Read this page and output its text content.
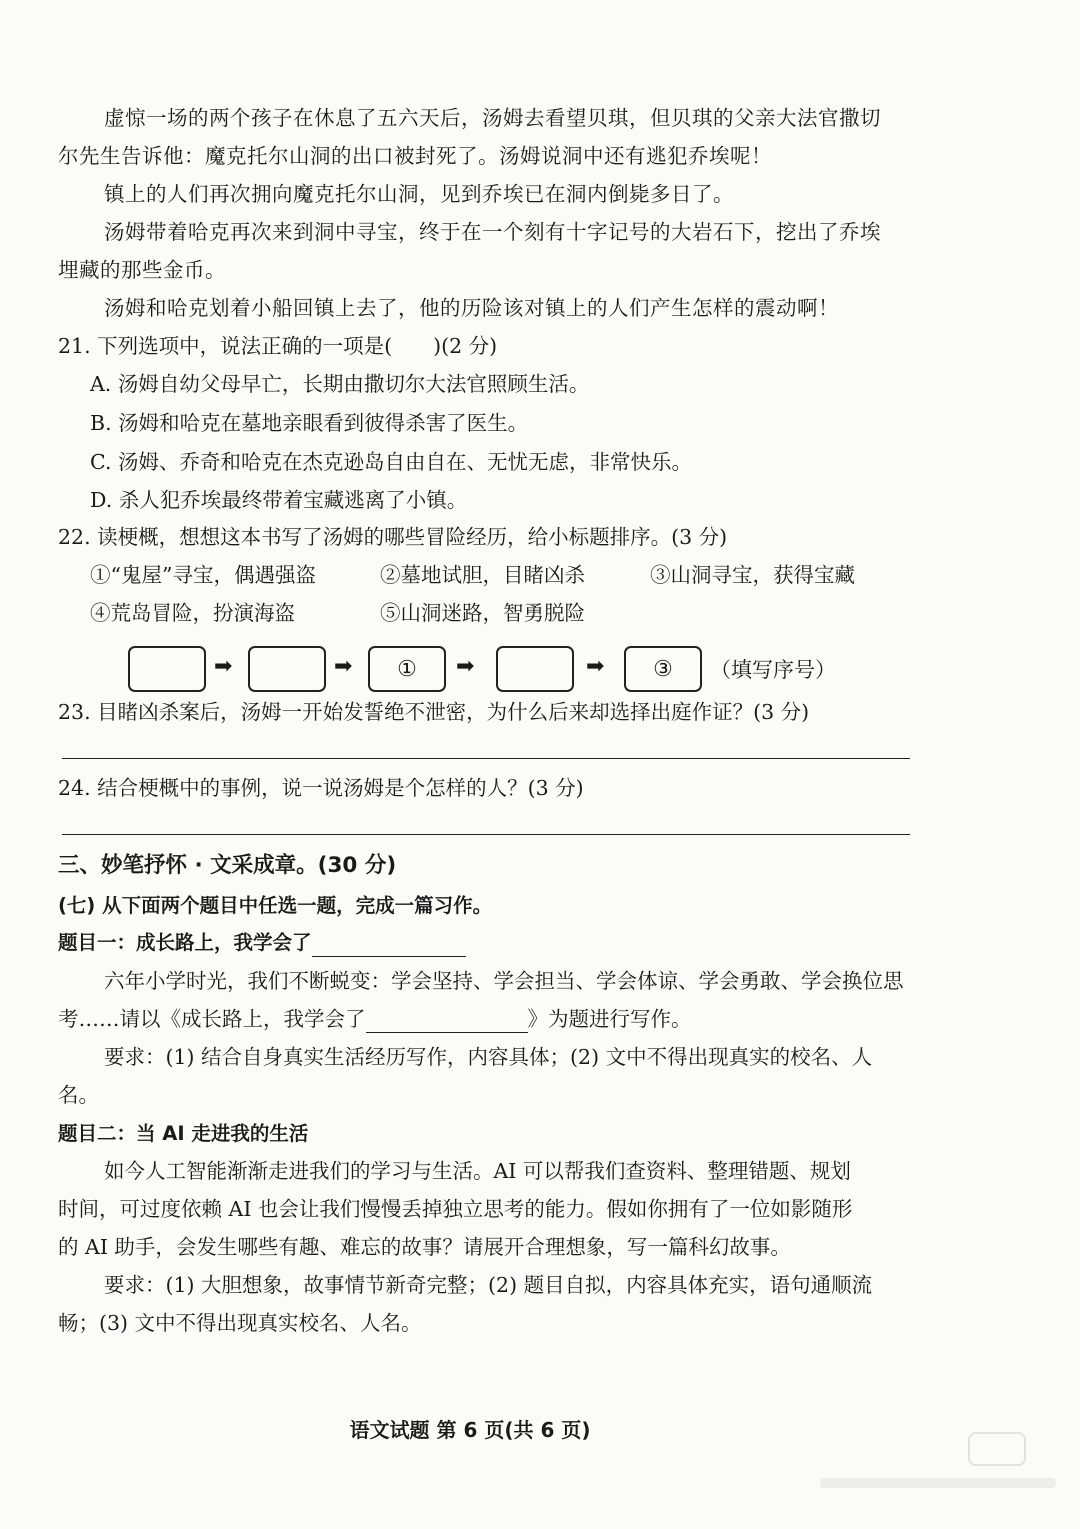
虚惊一场的两个孩子在休息了五六天后，汤姆去看望贝琪，但贝琪的父亲大法官撒切
尔先生告诉他：魔克托尔山洞的出口被封死了。汤姆说洞中还有逃犯乔埃呢！
镇上的人们再次拥向魔克托尔山洞，见到乔埃已在洞内倒毙多日了。
汤姆带着哈克再次来到洞中寻宝，终于在一个刻有十字记号的大岩石下，挖出了乔埃
埋藏的那些金币。
汤姆和哈克划着小船回镇上去了，他的历险该对镇上的人们产生怎样的震动啊！
21. 下列选项中，说法正确的一项是(　　)(2 分)
A. 汤姆自幼父母早亡，长期由撒切尔大法官照顾生活。
B. 汤姆和哈克在墓地亲眼看到彼得杀害了医生。
C. 汤姆、乔奇和哈克在杰克逊岛自由自在、无忧无虑，非常快乐。
D. 杀人犯乔埃最终带着宝藏逃离了小镇。
22. 读梗概，想想这本书写了汤姆的哪些冒险经历，给小标题排序。(3 分)
①“鬼屋”寻宝，偶遇强盗	②墓地试胆，目睹凶杀	③山洞寻宝，获得宝藏
④荒岛冒险，扮演海盗	⑤山洞迷路，智勇脱险
➡	➡	①	➡	➡	③	（填写序号）
23. 目睹凶杀案后，汤姆一开始发誓绝不泄密，为什么后来却选择出庭作证？(3 分)
24. 结合梗概中的事例，说一说汤姆是个怎样的人？(3 分)
三、妙笔抒怀 · 文采成章。(30 分)
(七) 从下面两个题目中任选一题，完成一篇习作。
题目一：成长路上，我学会了
六年小学时光，我们不断蜕变：学会坚持、学会担当、学会体谅、学会勇敢、学会换位思
考……请以《成长路上，我学会了	》为题进行写作。
要求：(1) 结合自身真实生活经历写作，内容具体；(2) 文中不得出现真实的校名、人
名。
题目二：当 AI 走进我的生活
如今人工智能渐渐走进我们的学习与生活。AI 可以帮我们查资料、整理错题、规划
时间，可过度依赖 AI 也会让我们慢慢丢掉独立思考的能力。假如你拥有了一位如影随形
的 AI 助手，会发生哪些有趣、难忘的故事？请展开合理想象，写一篇科幻故事。
要求：(1) 大胆想象，故事情节新奇完整；(2) 题目自拟，内容具体充实，语句通顺流
畅；(3) 文中不得出现真实校名、人名。
语文试题 第 6 页(共 6 页)
